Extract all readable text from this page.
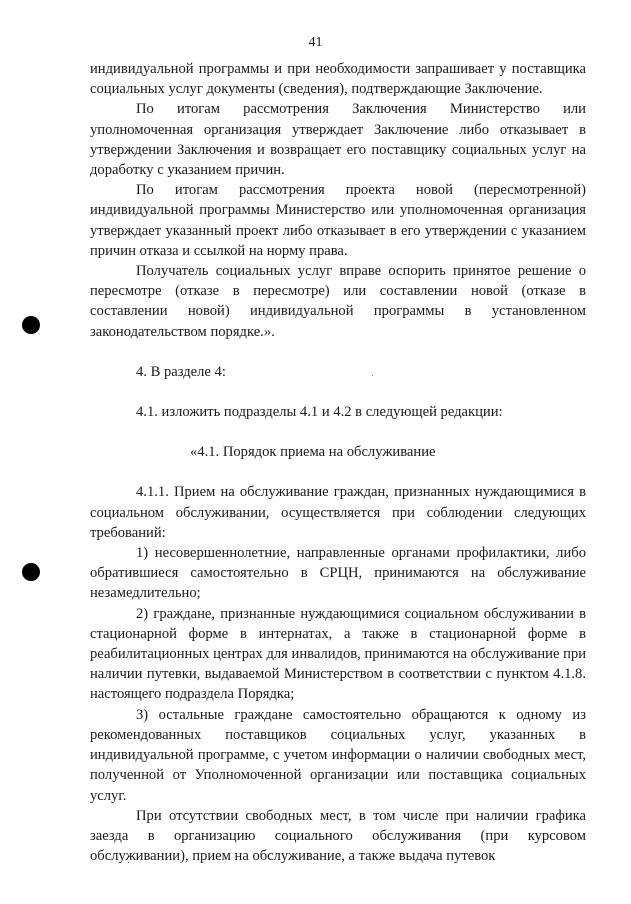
41

индивидуальной программы и при необходимости запрашивает у поставщика социальных услуг документы (сведения), подтверждающие Заключение.

По итогам рассмотрения Заключения Министерство или уполномоченная организация утверждает Заключение либо отказывает в утверждении Заключения и возвращает его поставщику социальных услуг на доработку с указанием причин.

По итогам рассмотрения проекта новой (пересмотренной) индивидуальной программы Министерство или уполномоченная организация утверждает указанный проект либо отказывает в его утверждении с указанием причин отказа и ссылкой на норму права.

Получатель социальных услуг вправе оспорить принятое решение о пересмотре (отказе в пересмотре) или составлении новой (отказе в составлении новой) индивидуальной программы в установленном законодательством порядке.».

4. В разделе 4:

4.1. изложить подразделы 4.1 и 4.2 в следующей редакции:

«4.1. Порядок приема на обслуживание

4.1.1. Прием на обслуживание граждан, признанных нуждающимися в социальном обслуживании, осуществляется при соблюдении следующих требований:

1) несовершеннолетние, направленные органами профилактики, либо обратившиеся самостоятельно в СРЦН, принимаются на обслуживание незамедлительно;

2) граждане, признанные нуждающимися социальном обслуживании в стационарной форме в интернатах, а также в стационарной форме в реабилитационных центрах для инвалидов, принимаются на обслуживание при наличии путевки, выдаваемой Министерством в соответствии с пунктом 4.1.8. настоящего подраздела Порядка;

3) остальные граждане самостоятельно обращаются к одному из рекомендованных поставщиков социальных услуг, указанных в индивидуальной программе, с учетом информации о наличии свободных мест, полученной от Уполномоченной организации или поставщика социальных услуг.

При отсутствии свободных мест, в том числе при наличии графика заезда в организацию социального обслуживания (при курсовом обслуживании), прием на обслуживание, а также выдача путевок
